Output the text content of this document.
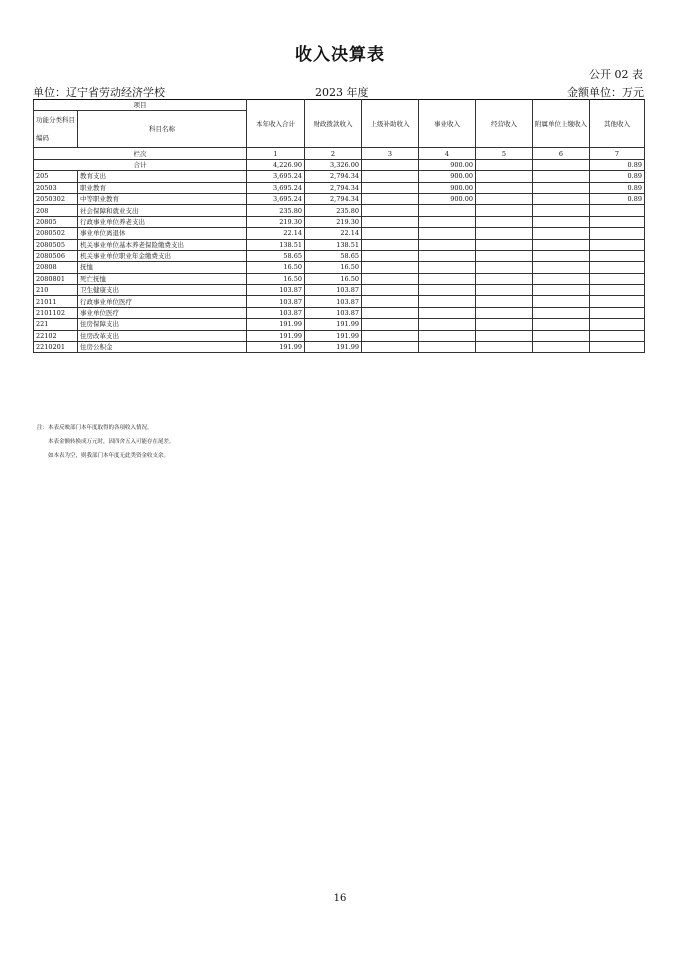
收入决算表
公开 02 表
单位：辽宁省劳动经济学校	2023 年度	金额单位：万元
项目		本年收入合计	财政拨款收入	上级补助收入	事业收入	经营收入	附属单位上缴收入	其他收入
功能分类科目编码	科目名称							

栏次		1	2	3	4	5	6	7
合计		4,226.90	3,326.00		900.00			0.89
205	教育支出	3,695.24	2,794.34		900.00			0.89
20503	职业教育	3,695.24	2,794.34		900.00			0.89
2050302	中等职业教育	3,695.24	2,794.34		900.00			0.89
208	社会保障和就业支出	235.80	235.80					
20805	行政事业单位养老支出	219.30	219.30					
2080502	事业单位离退休	22.14	22.14					
2080505	机关事业单位基本养老保险缴费支出	138.51	138.51					
2080506	机关事业单位职业年金缴费支出	58.65	58.65					
20808	抚恤	16.50	16.50					
2080801	死亡抚恤	16.50	16.50					
210	卫生健康支出	103.87	103.87					
21011	行政事业单位医疗	103.87	103.87					
2101102	事业单位医疗	103.87	103.87					
221	住房保障支出	191.99	191.99					
22102	住房改革支出	191.99	191.99					
2210201	住房公积金	191.99	191.99					
注：本表反映部门本年度取得的各项收入情况。
本表金额转换成万元时，因四舍五入可能存在尾差。
如本表为空，则我部门本年度无此类资金收支余。
16
